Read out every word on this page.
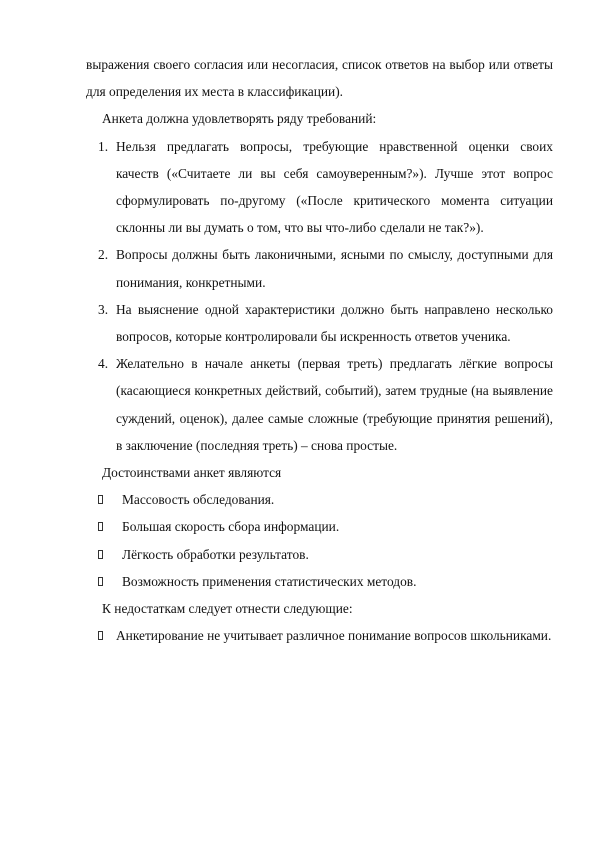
выражения своего согласия или несогласия, список ответов на выбор или ответы для определения их места в классификации).

Анкета должна удовлетворять ряду требований:

1. Нельзя предлагать вопросы, требующие нравственной оценки своих качеств («Считаете ли вы себя самоуверенным?»). Лучше этот вопрос сформулировать по-другому («После критического момента ситуации склонны ли вы думать о том, что вы что-либо сделали не так?»).
2. Вопросы должны быть лаконичными, ясными по смыслу, доступными для понимания, конкретными.
3. На выяснение одной характеристики должно быть направлено несколько вопросов, которые контролировали бы искренность ответов ученика.
4. Желательно в начале анкеты (первая треть) предлагать лёгкие вопросы (касающиеся конкретных действий, событий), затем трудные (на выявление суждений, оценок), далее самые сложные (требующие принятия решений), в заключение (последняя треть) – снова простые.

Достоинствами анкет являются

Массовость обследования.
Большая скорость сбора информации.
Лёгкость обработки результатов.
Возможность применения статистических методов.

К недостаткам следует отнести следующие:

Анкетирование не учитывает различное понимание вопросов школьниками.
